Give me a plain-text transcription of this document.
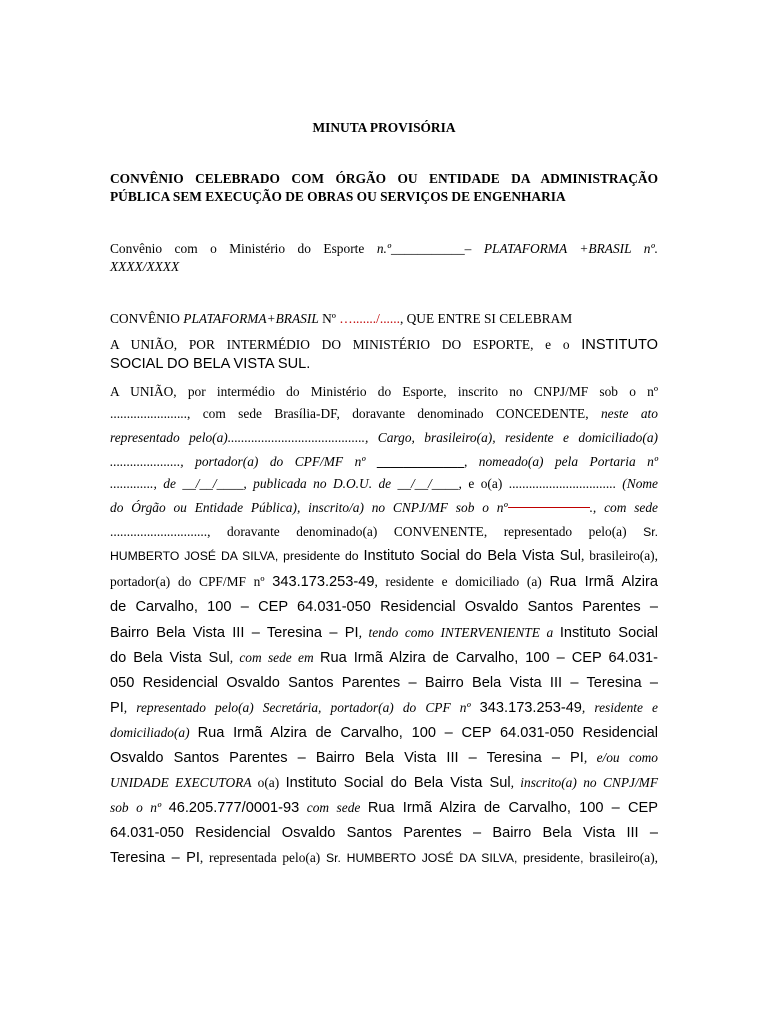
MINUTA PROVISÓRIA
CONVÊNIO CELEBRADO COM ÓRGÃO OU ENTIDADE DA ADMINISTRAÇÃO
PÚBLICA SEM EXECUÇÃO DE OBRAS OU SERVIÇOS DE ENGENHARIA
Convênio com o Ministério do Esporte n.º___________– PLATAFORMA +BRASIL nº.
XXXX/XXXX
CONVÊNIO PLATAFORMA+BRASIL Nº …......./......, QUE ENTRE SI CELEBRAM
A UNIÃO, POR INTERMÉDIO DO MINISTÉRIO DO ESPORTE, e o INSTITUTO
SOCIAL DO BELA VISTA SUL.
A UNIÃO, por intermédio do Ministério do Esporte, inscrito no CNPJ/MF sob o nº
......................., com sede Brasília-DF, doravante denominado CONCEDENTE, neste ato
representado pelo(a)........................................., Cargo, brasileiro(a), residente e domiciliado(a)
....................., portador(a) do CPF/MF nº _____________, nomeado(a) pela Portaria nº
............., de __/__/____, publicada no D.O.U. de __/__/____, e o(a) ................................ (Nome
do Órgão ou Entidade Pública), inscrito/a) no CNPJ/MF sob o nº	., com sede
............................., doravante denominado(a) CONVENENTE, representado pelo(a) Sr.
HUMBERTO JOSÉ DA SILVA, presidente do Instituto Social do Bela Vista Sul, brasileiro(a),
portador(a) do CPF/MF nº 343.173.253-49, residente e domiciliado (a) Rua Irmã Alzira
de Carvalho, 100 – CEP 64.031-050 Residencial Osvaldo Santos Parentes –
Bairro Bela Vista III – Teresina – PI, tendo como INTERVENIENTE a Instituto Social
do Bela Vista Sul, com sede em Rua Irmã Alzira de Carvalho, 100 – CEP 64.031-
050 Residencial Osvaldo Santos Parentes – Bairro Bela Vista III – Teresina –
PI, representado pelo(a) Secretária, portador(a) do CPF nº 343.173.253-49, residente e
domiciliado(a) Rua Irmã Alzira de Carvalho, 100 – CEP 64.031-050 Residencial
Osvaldo Santos Parentes – Bairro Bela Vista III – Teresina – PI, e/ou como
UNIDADE EXECUTORA o(a) Instituto Social do Bela Vista Sul, inscrito(a) no CNPJ/MF
sob o nº 46.205.777/0001-93 com sede Rua Irmã Alzira de Carvalho, 100 – CEP
64.031-050 Residencial Osvaldo Santos Parentes – Bairro Bela Vista III –
Teresina – PI, representada pelo(a) Sr. HUMBERTO JOSÉ DA SILVA, presidente, brasileiro(a),
